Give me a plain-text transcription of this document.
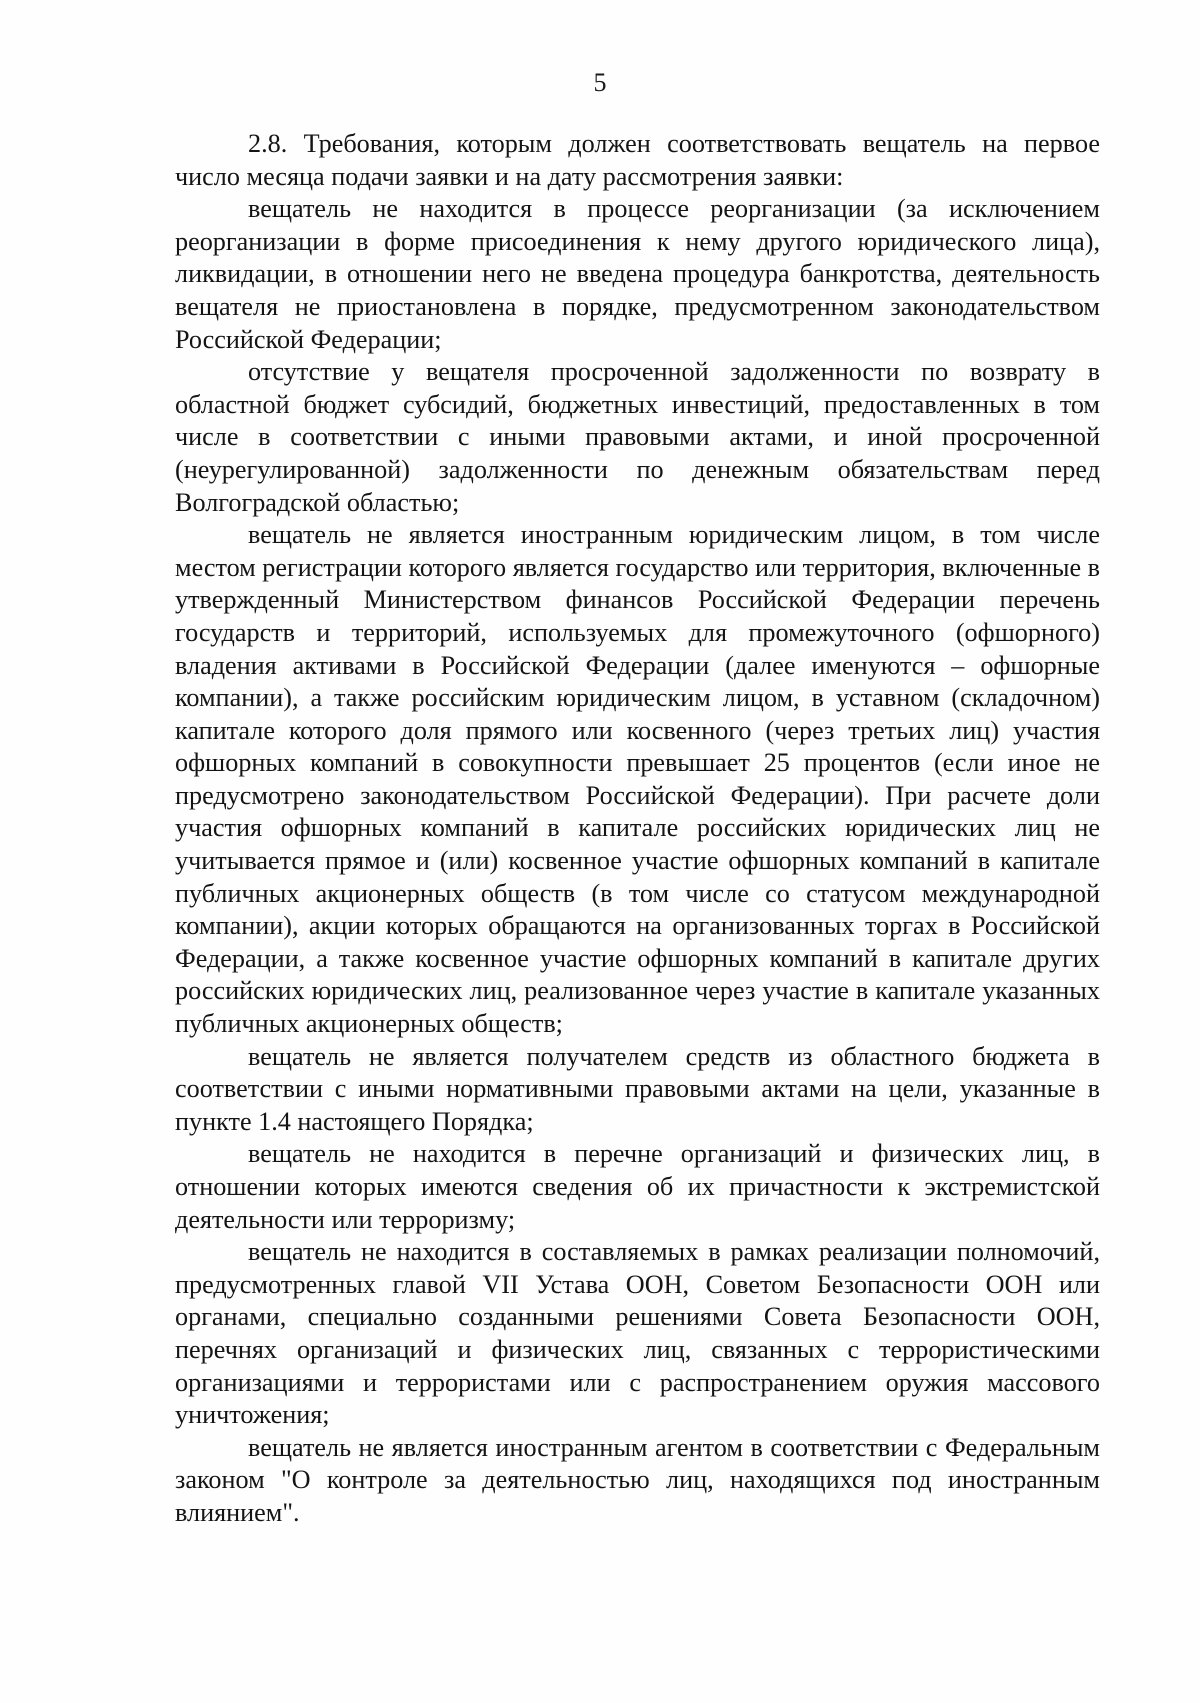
5

2.8. Требования, которым должен соответствовать вещатель на первое число месяца подачи заявки и на дату рассмотрения заявки:

вещатель не находится в процессе реорганизации (за исключением реорганизации в форме присоединения к нему другого юридического лица), ликвидации, в отношении него не введена процедура банкротства, деятельность вещателя не приостановлена в порядке, предусмотренном законодательством Российской Федерации;

отсутствие у вещателя просроченной задолженности по возврату в областной бюджет субсидий, бюджетных инвестиций, предоставленных в том числе в соответствии с иными правовыми актами, и иной просроченной (неурегулированной) задолженности по денежным обязательствам перед Волгоградской областью;

вещатель не является иностранным юридическим лицом, в том числе местом регистрации которого является государство или территория, включенные в утвержденный Министерством финансов Российской Федерации перечень государств и территорий, используемых для промежуточного (офшорного) владения активами в Российской Федерации (далее именуются – офшорные компании), а также российским юридическим лицом, в уставном (складочном) капитале которого доля прямого или косвенного (через третьих лиц) участия офшорных компаний в совокупности превышает 25 процентов (если иное не предусмотрено законодательством Российской Федерации). При расчете доли участия офшорных компаний в капитале российских юридических лиц не учитывается прямое и (или) косвенное участие офшорных компаний в капитале публичных акционерных обществ (в том числе со статусом международной компании), акции которых обращаются на организованных торгах в Российской Федерации, а также косвенное участие офшорных компаний в капитале других российских юридических лиц, реализованное через участие в капитале указанных публичных акционерных обществ;

вещатель не является получателем средств из областного бюджета в соответствии с иными нормативными правовыми актами на цели, указанные в пункте 1.4 настоящего Порядка;

вещатель не находится в перечне организаций и физических лиц, в отношении которых имеются сведения об их причастности к экстремистской деятельности или терроризму;

вещатель не находится в составляемых в рамках реализации полномочий, предусмотренных главой VII Устава ООН, Советом Безопасности ООН или органами, специально созданными решениями Совета Безопасности ООН, перечнях организаций и физических лиц, связанных с террористическими организациями и террористами или с распространением оружия массового уничтожения;

вещатель не является иностранным агентом в соответствии с Федеральным законом "О контроле за деятельностью лиц, находящихся под иностранным влиянием".
